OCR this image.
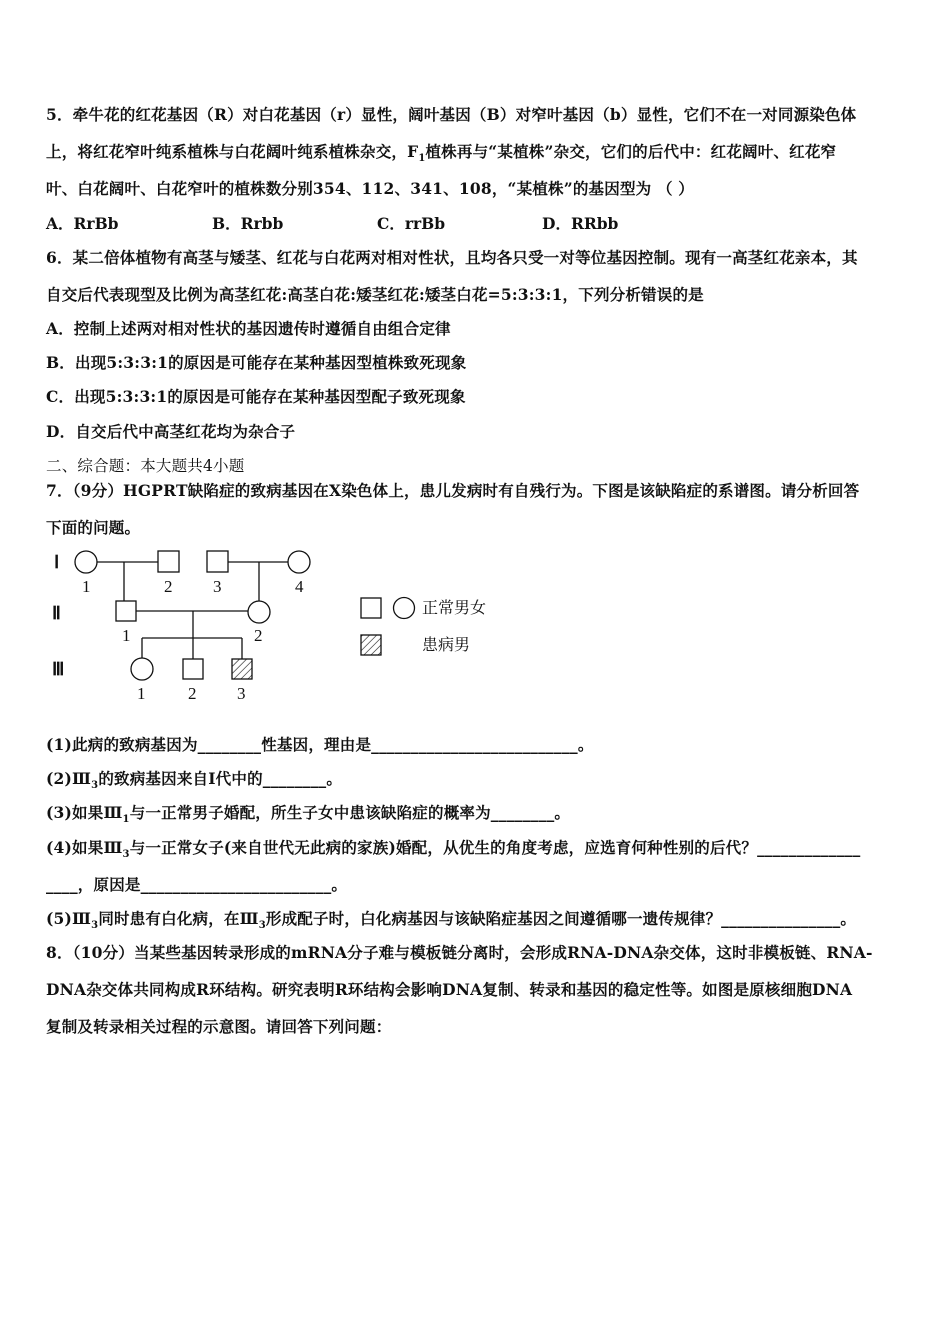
5．牵牛花的红花基因（R）对白花基因（r）显性，阔叶基因（B）对窄叶基因（b）显性，它们不在一对同源染色体
上，将红花窄叶纯系植株与白花阔叶纯系植株杂交，$F_1$植株再与“某植株”杂交，它们的后代中：红花阔叶、红花窄
叶、白花阔叶、白花窄叶的植株数分别354、112、341、108，“某植株”的基因型为 （ ）
A．RrBb	B．Rrbb	C．rrBb	D．RRbb
6．某二倍体植物有高茎与矮茎、红花与白花两对相对性状，且均各只受一对等位基因控制。现有一高茎红花亲本，其
自交后代表现型及比例为高茎红花:高茎白花:矮茎红花:矮茎白花=5:3:3:1，下列分析错误的是
A．控制上述两对相对性状的基因遗传时遵循自由组合定律
B．出现5:3:3:1的原因是可能存在某种基因型植株致死现象
C．出现5:3:3:1的原因是可能存在某种基因型配子致死现象
D．自交后代中高茎红花均为杂合子
二、综合题：本大题共4小题
7．（9分）HGPRT缺陷症的致病基因在X染色体上，患儿发病时有自残行为。下图是该缺陷症的系谱图。请分析回答
下面的问题。
Ⅰ
Ⅱ
Ⅲ
1	2 3	4
1	2
1	2 3
正常男女
患病男
(1)此病的致病基因为________性基因，理由是__________________________。
$(2)Ⅲ_3$的致病基因来自Ⅰ代中的________。
(3)如果$Ⅲ_1$与一正常男子婚配，所生子女中患该缺陷症的概率为________。
(4)如果$Ⅲ_3$与一正常女子(来自世代无此病的家族)婚配，从优生的角度考虑，应选育何种性别的后代？_____________
____，原因是________________________。
$(5)Ⅲ_3$同时患有白化病，在$Ⅲ_3$形成配子时，白化病基因与该缺陷症基因之间遵循哪一遗传规律？_______________。
8．（10分）当某些基因转录形成的mRNA分子难与模板链分离时，会形成RNA-DNA杂交体，这时非模板链、RNA-
DNA杂交体共同构成R环结构。研究表明R环结构会影响DNA复制、转录和基因的稳定性等。如图是原核细胞DNA
复制及转录相关过程的示意图。请回答下列问题：
